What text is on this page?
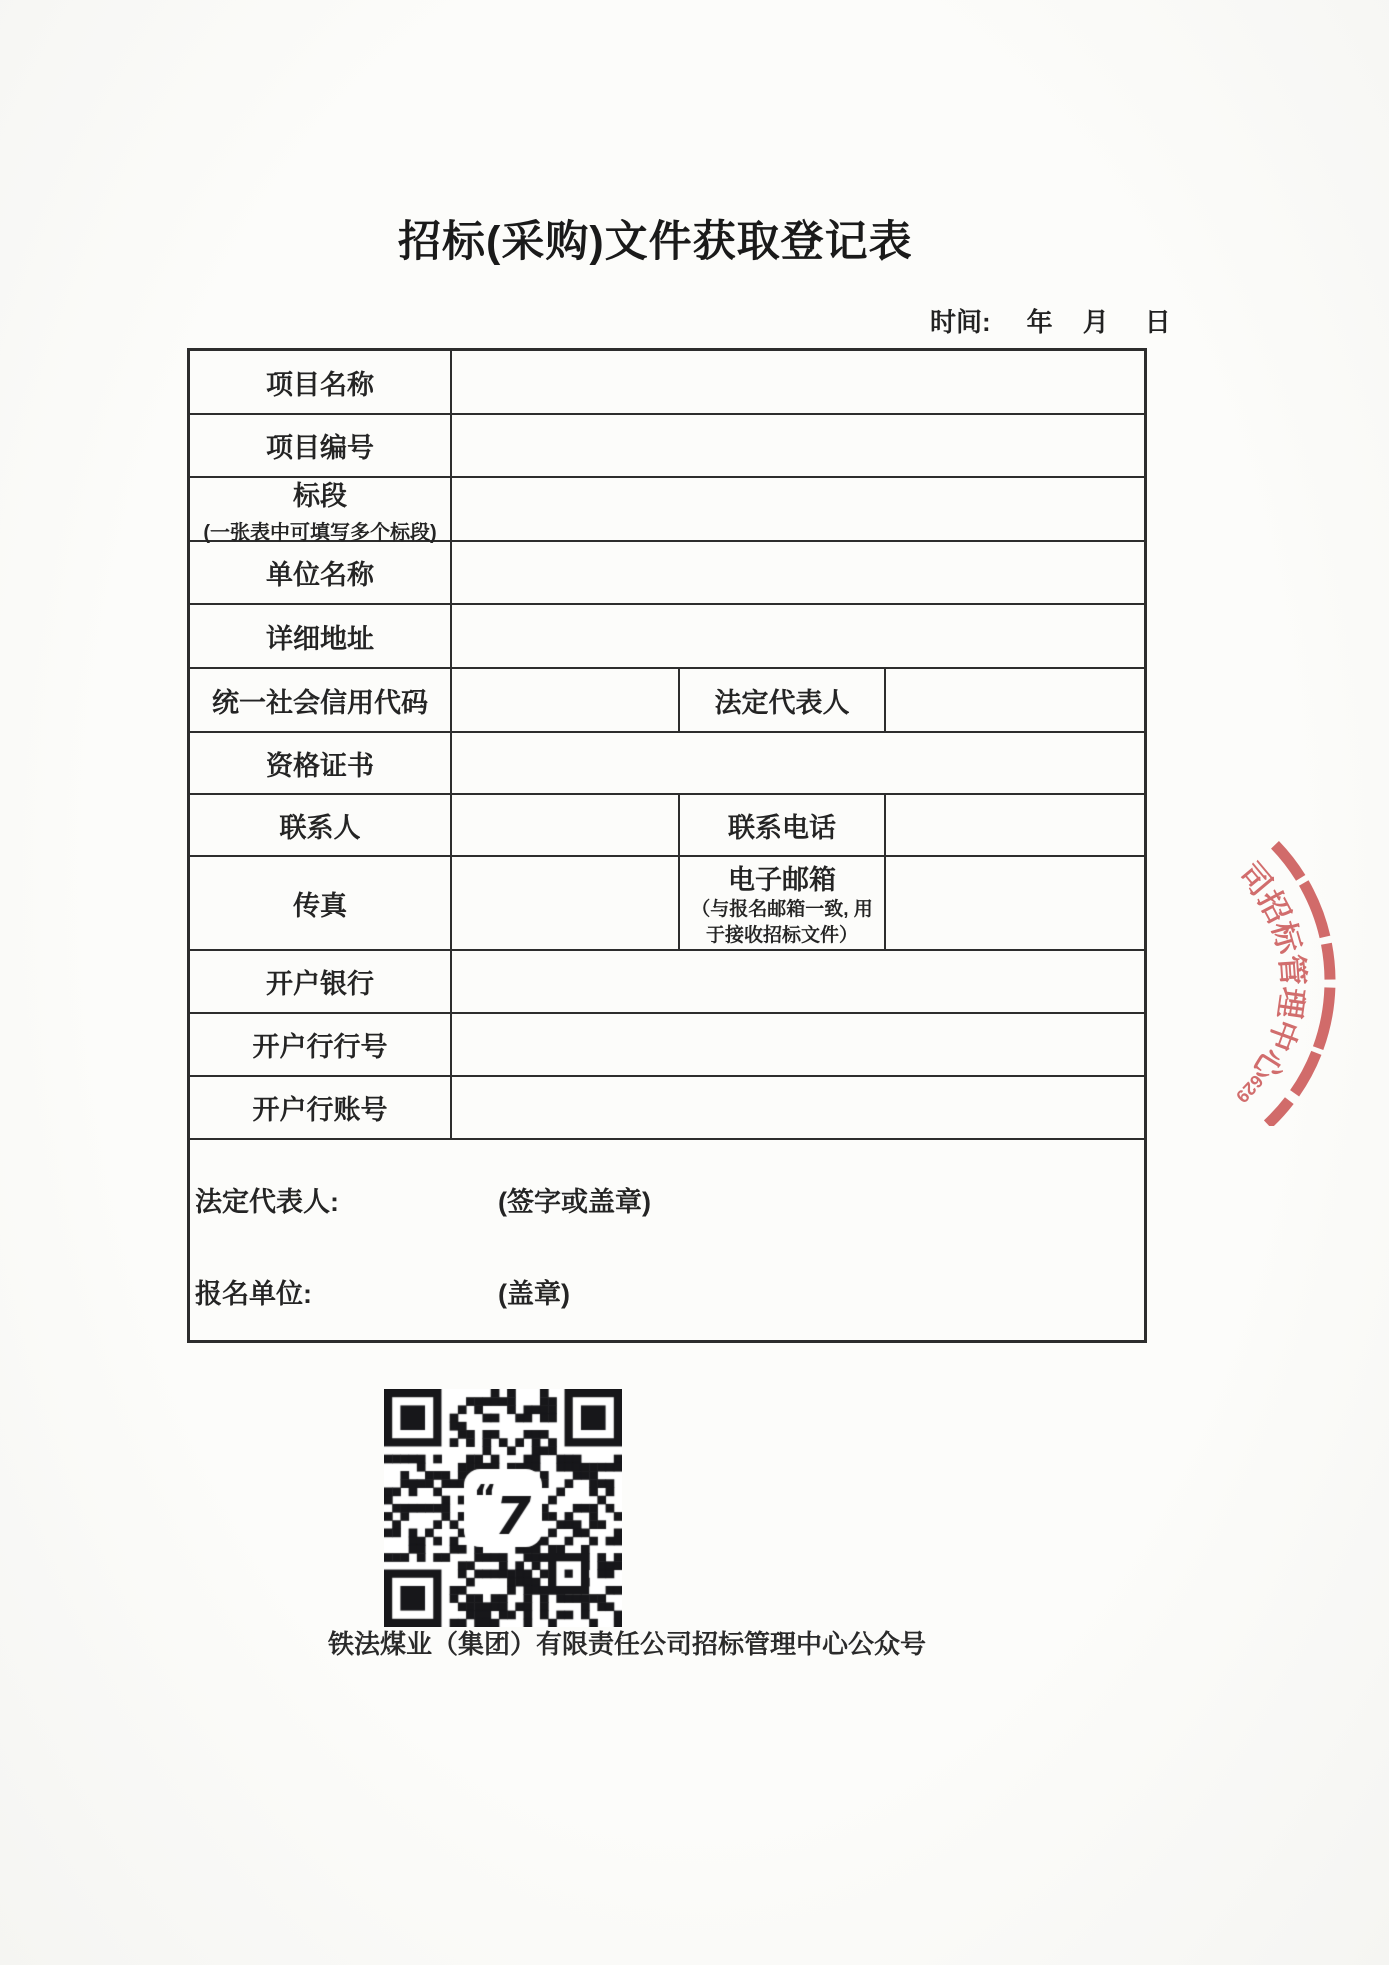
招标(采购)文件获取登记表
时间: 年 月 日
项目名称
项目编号
标段
(一张表中可填写多个标段)
单位名称
详细地址
统一社会信用代码	法定代表人
资格证书
联系人	联系电话
传真
电子邮箱
（与报名邮箱一致, 用
于接收招标文件）
开户银行
开户行行号
开户行账号
法定代表人:	(签字或盖章)
报名单位:	(盖章)
铁法煤业（集团）有限责任公司招标管理中心公众号
司
招
标
管
理
中
心
629
